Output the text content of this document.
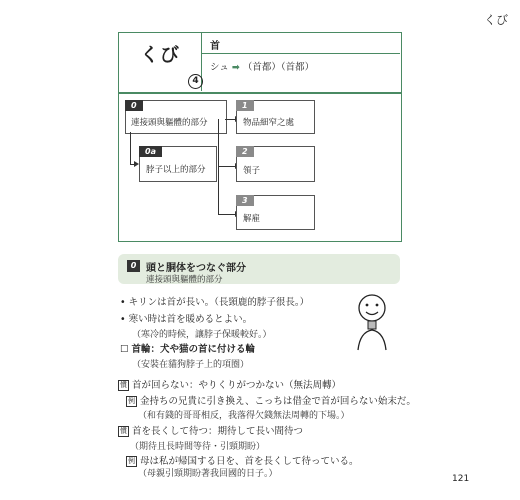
くび
くび
4
首
シュ ➡ （首都）（首都）
0
連接頭與軀體的部分
0a
脖子以上的部分
1
物品細窄之處
2
領子
3
解雇
0 頭と胴体をつなぐ部分
連接頭與軀體的部分
• キリンは首が長い。（長頸鹿的脖子很長。）
• 寒い時は首を暖めるとよい。
（寒冷的時候，讓脖子保暖較好。）
☐ 首輪：犬や猫の首に付ける輪
（安裝在貓狗脖子上的項圈）
慣 首が回らない：やりくりがつかない（無法周轉）
例 金持ちの兄貴に引き換え、こっちは借金で首が回らない始末だ。
（和有錢的哥哥相反，我落得欠錢無法周轉的下場。）
慣 首を長くして待つ：期待して長い間待つ
（期待且長時間等待・引頸期盼）
例 母は私が帰国する日を、首を長くして待っている。
（母親引頸期盼著我回國的日子。）	121
